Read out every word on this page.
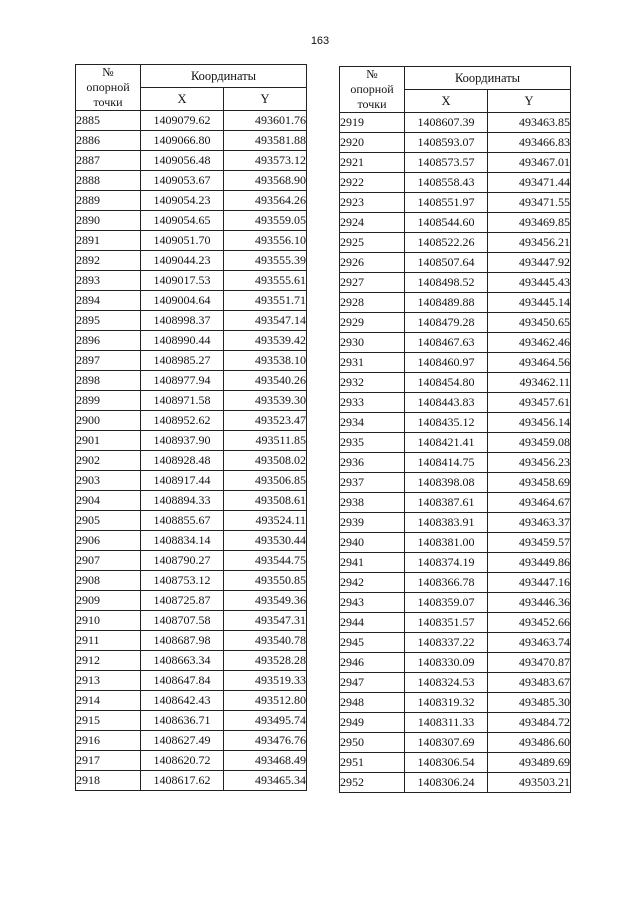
163
№
опорной
точки	Координаты	
	X	Y
2885	1409079.62	493601.76
2886	1409066.80	493581.88
2887	1409056.48	493573.12
2888	1409053.67	493568.90
2889	1409054.23	493564.26
2890	1409054.65	493559.05
2891	1409051.70	493556.10
2892	1409044.23	493555.39
2893	1409017.53	493555.61
2894	1409004.64	493551.71
2895	1408998.37	493547.14
2896	1408990.44	493539.42
2897	1408985.27	493538.10
2898	1408977.94	493540.26
2899	1408971.58	493539.30
2900	1408952.62	493523.47
2901	1408937.90	493511.85
2902	1408928.48	493508.02
2903	1408917.44	493506.85
2904	1408894.33	493508.61
2905	1408855.67	493524.11
2906	1408834.14	493530.44
2907	1408790.27	493544.75
2908	1408753.12	493550.85
2909	1408725.87	493549.36
2910	1408707.58	493547.31
2911	1408687.98	493540.78
2912	1408663.34	493528.28
2913	1408647.84	493519.33
2914	1408642.43	493512.80
2915	1408636.71	493495.74
2916	1408627.49	493476.76
2917	1408620.72	493468.49
2918	1408617.62	493465.34
№
опорной
точки	Координаты	
	X	Y
2919	1408607.39	493463.85
2920	1408593.07	493466.83
2921	1408573.57	493467.01
2922	1408558.43	493471.44
2923	1408551.97	493471.55
2924	1408544.60	493469.85
2925	1408522.26	493456.21
2926	1408507.64	493447.92
2927	1408498.52	493445.43
2928	1408489.88	493445.14
2929	1408479.28	493450.65
2930	1408467.63	493462.46
2931	1408460.97	493464.56
2932	1408454.80	493462.11
2933	1408443.83	493457.61
2934	1408435.12	493456.14
2935	1408421.41	493459.08
2936	1408414.75	493456.23
2937	1408398.08	493458.69
2938	1408387.61	493464.67
2939	1408383.91	493463.37
2940	1408381.00	493459.57
2941	1408374.19	493449.86
2942	1408366.78	493447.16
2943	1408359.07	493446.36
2944	1408351.57	493452.66
2945	1408337.22	493463.74
2946	1408330.09	493470.87
2947	1408324.53	493483.67
2948	1408319.32	493485.30
2949	1408311.33	493484.72
2950	1408307.69	493486.60
2951	1408306.54	493489.69
2952	1408306.24	493503.21
